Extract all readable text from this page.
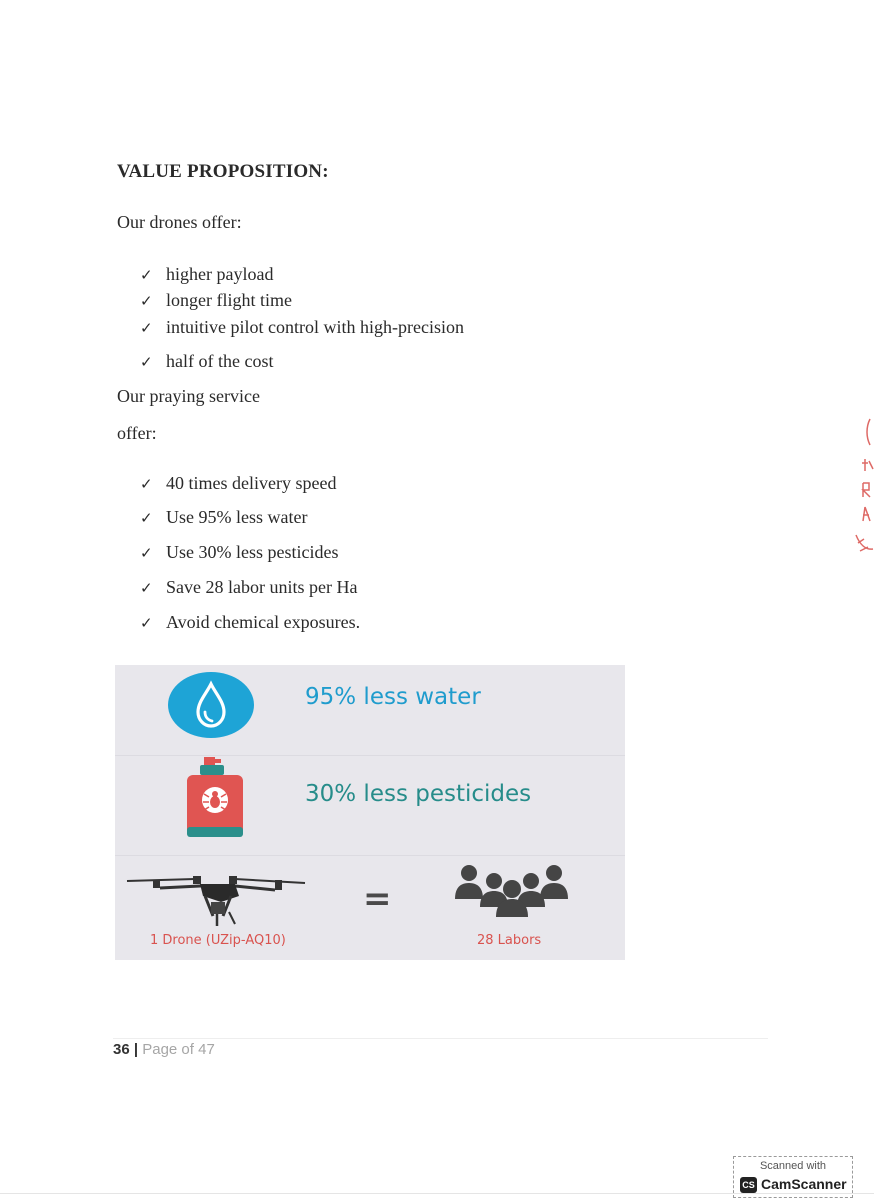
VALUE PROPOSITION:
Our drones offer:
✓ higher payload
✓ longer flight time
✓ intuitive pilot control with high-precision
✓ half of the cost
Our praying service
offer:
✓ 40 times delivery speed
✓ Use 95% less water
✓ Use 30% less pesticides
✓ Save 28 labor units per Ha
✓ Avoid chemical exposures.
95% less water
30% less pesticides
=
1 Drone (UZip-AQ10)	28 Labors
36 | Page of 47
Scanned with
CS CamScanner
